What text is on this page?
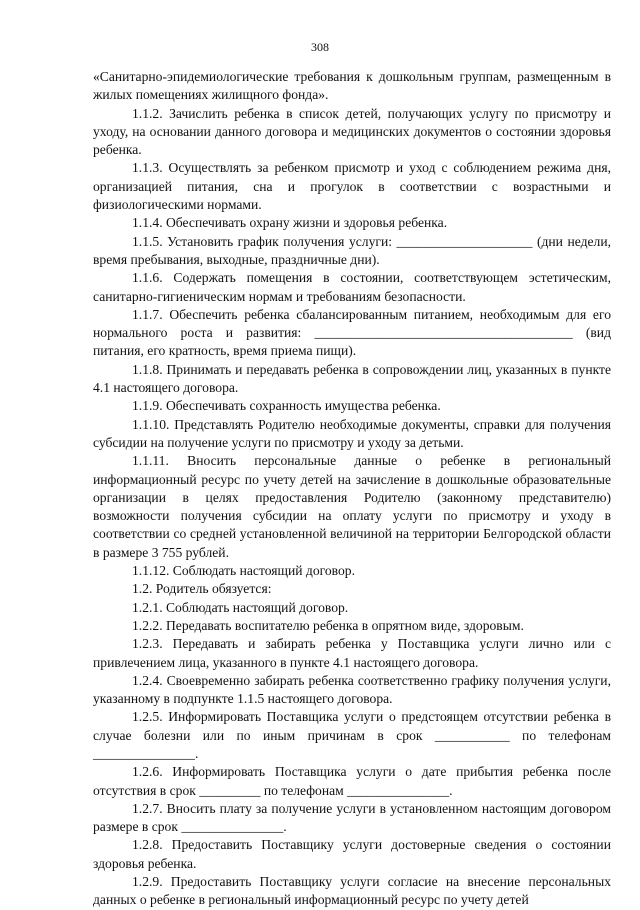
308

«Санитарно-эпидемиологические требования к дошкольным группам, размещенным в жилых помещениях жилищного фонда».

1.1.2. Зачислить ребенка в список детей, получающих услугу по присмотру и уходу, на основании данного договора и медицинских документов о состоянии здоровья ребенка.

1.1.3. Осуществлять за ребенком присмотр и уход с соблюдением режима дня, организацией питания, сна и прогулок в соответствии с возрастными и физиологическими нормами.

1.1.4. Обеспечивать охрану жизни и здоровья ребенка.

1.1.5. Установить график получения услуги: ____________________ (дни недели, время пребывания, выходные, праздничные дни).

1.1.6. Содержать помещения в состоянии, соответствующем эстетическим, санитарно-гигиеническим нормам и требованиям безопасности.

1.1.7. Обеспечить ребенка сбалансированным питанием, необходимым для его нормального роста и развития: ______________________________________ (вид питания, его кратность, время приема пищи).

1.1.8. Принимать и передавать ребенка в сопровождении лиц, указанных в пункте 4.1 настоящего договора.

1.1.9. Обеспечивать сохранность имущества ребенка.

1.1.10. Представлять Родителю необходимые документы, справки для получения субсидии на получение услуги по присмотру и уходу за детьми.

1.1.11. Вносить персональные данные о ребенке в региональный информационный ресурс по учету детей на зачисление в дошкольные образовательные организации в целях предоставления Родителю (законному представителю) возможности получения субсидии на оплату услуги по присмотру и уходу в соответствии со средней установленной величиной на территории Белгородской области в размере 3 755 рублей.

1.1.12. Соблюдать настоящий договор.

1.2. Родитель обязуется:

1.2.1. Соблюдать настоящий договор.

1.2.2. Передавать воспитателю ребенка в опрятном виде, здоровым.

1.2.3. Передавать и забирать ребенка у Поставщика услуги лично или с привлечением лица, указанного в пункте 4.1 настоящего договора.

1.2.4. Своевременно забирать ребенка соответственно графику получения услуги, указанному в подпункте 1.1.5 настоящего договора.

1.2.5. Информировать Поставщика услуги о предстоящем отсутствии ребенка в случае болезни или по иным причинам в срок ___________ по телефонам _______________.

1.2.6. Информировать Поставщика услуги о дате прибытия ребенка после отсутствия в срок _________ по телефонам _______________.

1.2.7. Вносить плату за получение услуги в установленном настоящим договором размере в срок _______________.

1.2.8. Предоставить Поставщику услуги достоверные сведения о состоянии здоровья ребенка.

1.2.9. Предоставить Поставщику услуги согласие на внесение персональных данных о ребенке в региональный информационный ресурс по учету детей
